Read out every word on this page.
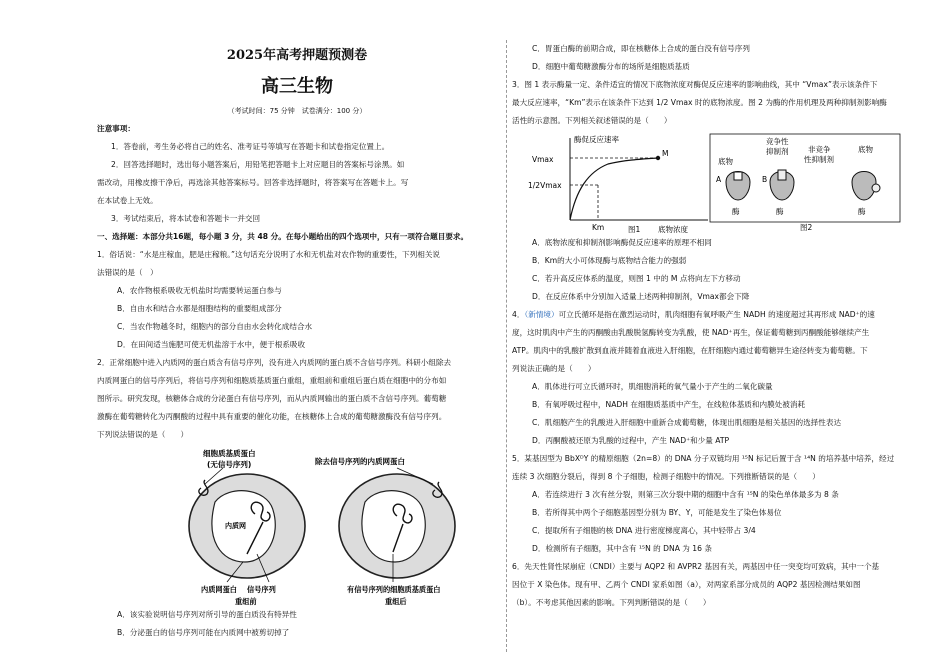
2025年高考押题预测卷
高三生物
（考试时间：75 分钟　试卷满分：100 分）
注意事项：
1．答卷前，考生务必将自己的姓名、准考证号等填写在答题卡和试卷指定位置上。
2．回答选择题时，选出每小题答案后，用铅笔把答题卡上对应题目的答案标号涂黑。如
需改动，用橡皮擦干净后，再选涂其他答案标号。回答非选择题时，将答案写在答题卡上。写
在本试卷上无效。
3．考试结束后，将本试卷和答题卡一并交回
一、选择题：本部分共16题，每小题 3 分，共 48 分。在每小题给出的四个选项中，只有一项符合题目要求。
1．俗话说：“水是庄稼血，肥是庄稼粮。”这句话充分说明了水和无机盐对农作物的重要性，下列相关说
法错误的是（　）
A．农作物根系吸收无机盐时均需要转运蛋白参与
B．自由水和结合水都是细胞结构的重要组成部分
C．当农作物越冬时，细胞内的部分自由水会转化成结合水
D．在田间适当施肥可使无机盐溶于水中，便于根系吸收
2．正常细胞中进入内质网的蛋白质含有信号序列，没有进入内质网的蛋白质不含信号序列。科研小组除去
内质网蛋白的信号序列后，将信号序列和细胞质基质蛋白重组，重组前和重组后蛋白质在细胞中的分布如
图所示。研究发现，核糖体合成的分泌蛋白有信号序列，而从内质网输出的蛋白质不含信号序列。葡萄糖
激酶在葡萄糖转化为丙酮酸的过程中具有重要的催化功能，在核糖体上合成的葡萄糖激酶没有信号序列。
下列说法错误的是（　　）
细胞质基质蛋白
(无信号序列)	除去信号序列的内质网蛋白
内质网
内质网蛋白 信号序列
重组前
有信号序列的细胞质基质蛋白
重组后
A．该实验说明信号序列对所引导的蛋白质没有特异性
B．分泌蛋白的信号序列可能在内质网中被剪切掉了
C．胃蛋白酶的前期合成，即在核糖体上合成的蛋白没有信号序列
D．细胞中葡萄糖激酶分布的场所是细胞质基质
3．图 1 表示酶量一定、条件适宜的情况下底物浓度对酶促反应速率的影响曲线，其中 “Vmax”表示该条件下
最大反应速率，“Km”表示在该条件下达到 1/2 Vmax 时的底物浓度。图 2 为酶的作用机理及两种抑制剂影响酶
活性的示意图。下列相关叙述错误的是（　　）
酶促反应速率
Vmax
1/2Vmax
M
Km	底物浓度
图1
底物
A
酶
竞争性
抑制剂
B
酶
非竞争
性抑制剂
底物
酶
图2
A．底物浓度和抑制剂影响酶促反应速率的原理不相同
B．Km的大小可体现酶与底物结合能力的强弱
C．若升高反应体系的温度，则图 1 中的 M 点将向左下方移动
D．在反应体系中分别加入适量上述两种抑制剂，Vmax都会下降
4．（新情境）可立氏循环是指在激烈运动时，肌肉细胞有氧呼吸产生 NADH 的速度超过其再形成 NAD⁺的速
度，这时肌肉中产生的丙酮酸由乳酸脱氢酶转变为乳酸，使 NAD⁺再生，保证葡萄糖到丙酮酸能够继续产生
ATP。肌肉中的乳酸扩散到血液并随着血液进入肝细胞，在肝细胞内通过葡萄糖异生途径转变为葡萄糖。下
列说法正确的是（　　）
A．肌体进行可立氏循环时，肌细胞消耗的氧气量小于产生的二氧化碳量
B．有氧呼吸过程中，NADH 在细胞质基质中产生，在线粒体基质和内膜处被消耗
C．肌细胞产生的乳酸进入肝细胞中重新合成葡萄糖，体现出肌细胞是相关基因的选择性表达
D．丙酮酸被还原为乳酸的过程中，产生 NAD⁺和少量 ATP
5．某基因型为 BbXᴰY 的精原细胞（2n=8）的 DNA 分子双链均用 ¹⁵N 标记后置于含 ¹⁴N 的培养基中培养，经过
连续 3 次细胞分裂后，得到 8 个子细胞，检测子细胞中的情况。下列推断错误的是（　　）
A．若连续进行 3 次有丝分裂，则第三次分裂中期的细胞中含有 ¹⁵N 的染色单体最多为 8 条
B．若所得其中两个子细胞基因型分别为 BY、Y，可能是发生了染色体易位
C．提取所有子细胞的核 DNA 进行密度梯度离心，其中轻带占 3/4
D．检测所有子细胞，其中含有 ¹⁵N 的 DNA 为 16 条
6．先天性肾性尿崩症（CNDI）主要与 AQP2 和 AVPR2 基因有关，两基因中任一突变均可致病，其中一个基
因位于 X 染色体。现有甲、乙两个 CNDI 家系如图（a），对两家系部分成员的 AQP2 基因检测结果如图
（b）。不考虑其他因素的影响。下列判断错误的是（　　）
